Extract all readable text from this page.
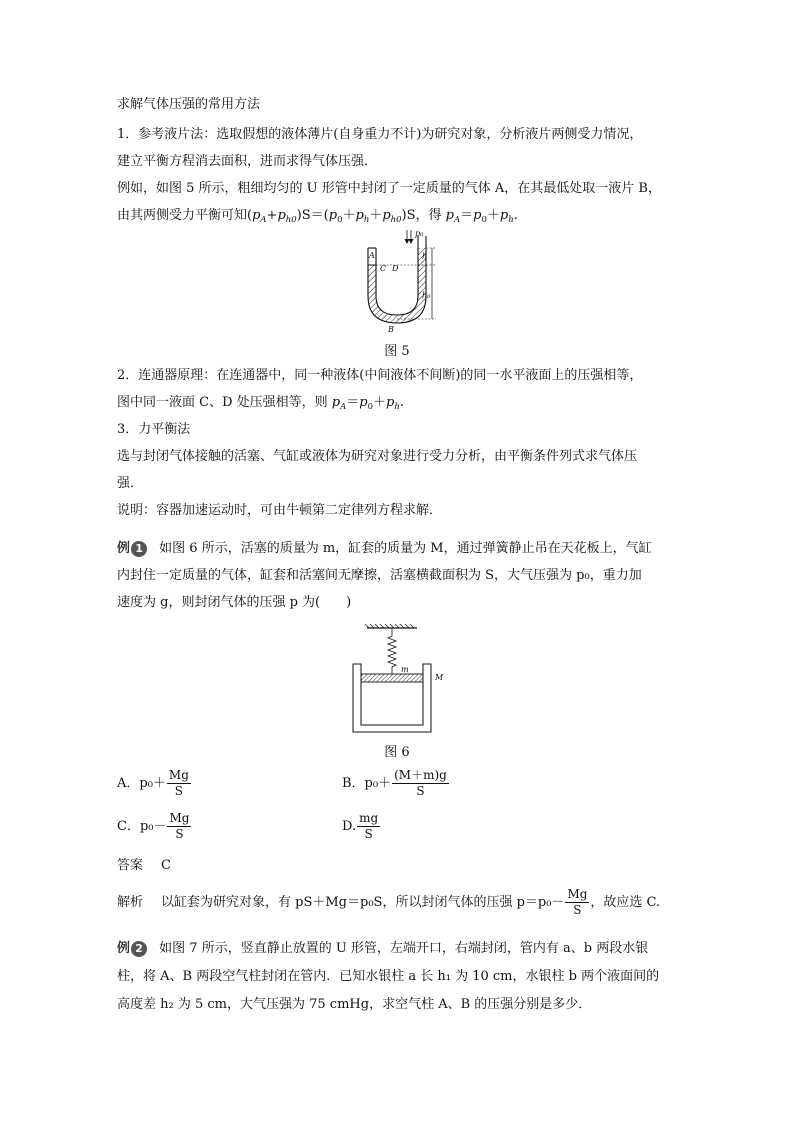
求解气体压强的常用方法
1．参考液片法：选取假想的液体薄片(自身重力不计)为研究对象，分析液片两侧受力情况，
建立平衡方程消去面积，进而求得气体压强．
例如，如图 5 所示，粗细均匀的 U 形管中封闭了一定质量的气体 A，在其最低处取一液片 B，
由其两侧受力平衡可知$(p_A+p_{h0})S=(p_0+p_h+p_{h0})S$，得 $p_A=p_0+p_h$.
A
C D
B
p₀
h
h₀
图 5
2．连通器原理：在连通器中，同一种液体(中间液体不间断)的同一水平液面上的压强相等，
图中同一液面 C、D 处压强相等，则 $p_A=p_0+p_h$.
3．力平衡法
选与封闭气体接触的活塞、气缸或液体为研究对象进行受力分析，由平衡条件列式求气体压
强．
说明：容器加速运动时，可由牛顿第二定律列方程求解．
例 1 如图 6 所示，活塞的质量为 m，缸套的质量为 M，通过弹簧静止吊在天花板上，气缸
内封住一定质量的气体，缸套和活塞间无摩擦，活塞横截面积为 S，大气压强为 p₀，重力加
速度为 g，则封闭气体的压强 p 为(　　)
m
M
图 6
A．$p_0+ \frac{Mg}{S}$	B．$p_0+ \frac{(M+m)g}{S}$
C．$p_0- \frac{Mg}{S}$	D. $\frac{mg}{S}$
答案 C
解析 以缸套为研究对象，有 pS＋Mg＝p₀S，所以封闭气体的压强 $p=p_0- \frac{Mg}{S}$ ，故应选 C.
例 2 如图 7 所示，竖直静止放置的 U 形管，左端开口，右端封闭，管内有 a、b 两段水银
柱，将 A、B 两段空气柱封闭在管内．已知水银柱 a 长 h₁ 为 10 cm，水银柱 b 两个液面间的
高度差 h₂ 为 5 cm，大气压强为 75 cmHg，求空气柱 A、B 的压强分别是多少．
